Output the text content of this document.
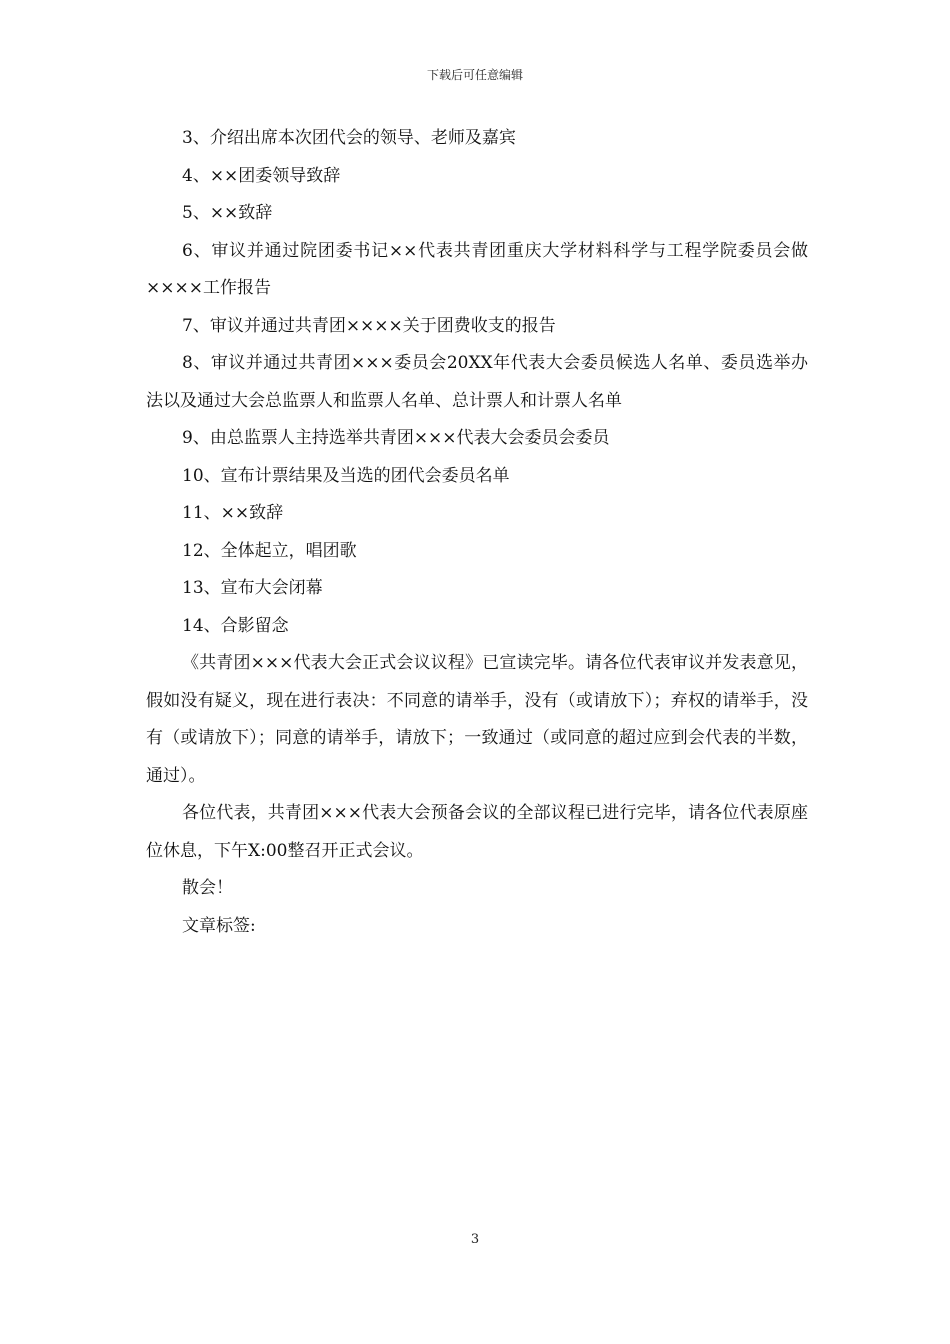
下载后可任意编辑

3、介绍出席本次团代会的领导、老师及嘉宾

4、××团委领导致辞

5、××致辞

6、审议并通过院团委书记××代表共青团重庆大学材料科学与工程学院委员会做××××工作报告

7、审议并通过共青团××××关于团费收支的报告

8、审议并通过共青团×××委员会20XX年代表大会委员候选人名单、委员选举办法以及通过大会总监票人和监票人名单、总计票人和计票人名单

9、由总监票人主持选举共青团×××代表大会委员会委员

10、宣布计票结果及当选的团代会委员名单

11、××致辞

12、全体起立，唱团歌

13、宣布大会闭幕

14、合影留念

《共青团×××代表大会正式会议议程》已宣读完毕。请各位代表审议并发表意见，假如没有疑义，现在进行表决：不同意的请举手，没有（或请放下）；弃权的请举手，没有（或请放下）；同意的请举手，请放下；一致通过（或同意的超过应到会代表的半数，通过）。

各位代表，共青团×××代表大会预备会议的全部议程已进行完毕，请各位代表原座位休息，下午X:00整召开正式会议。

散会！

文章标签:

3
